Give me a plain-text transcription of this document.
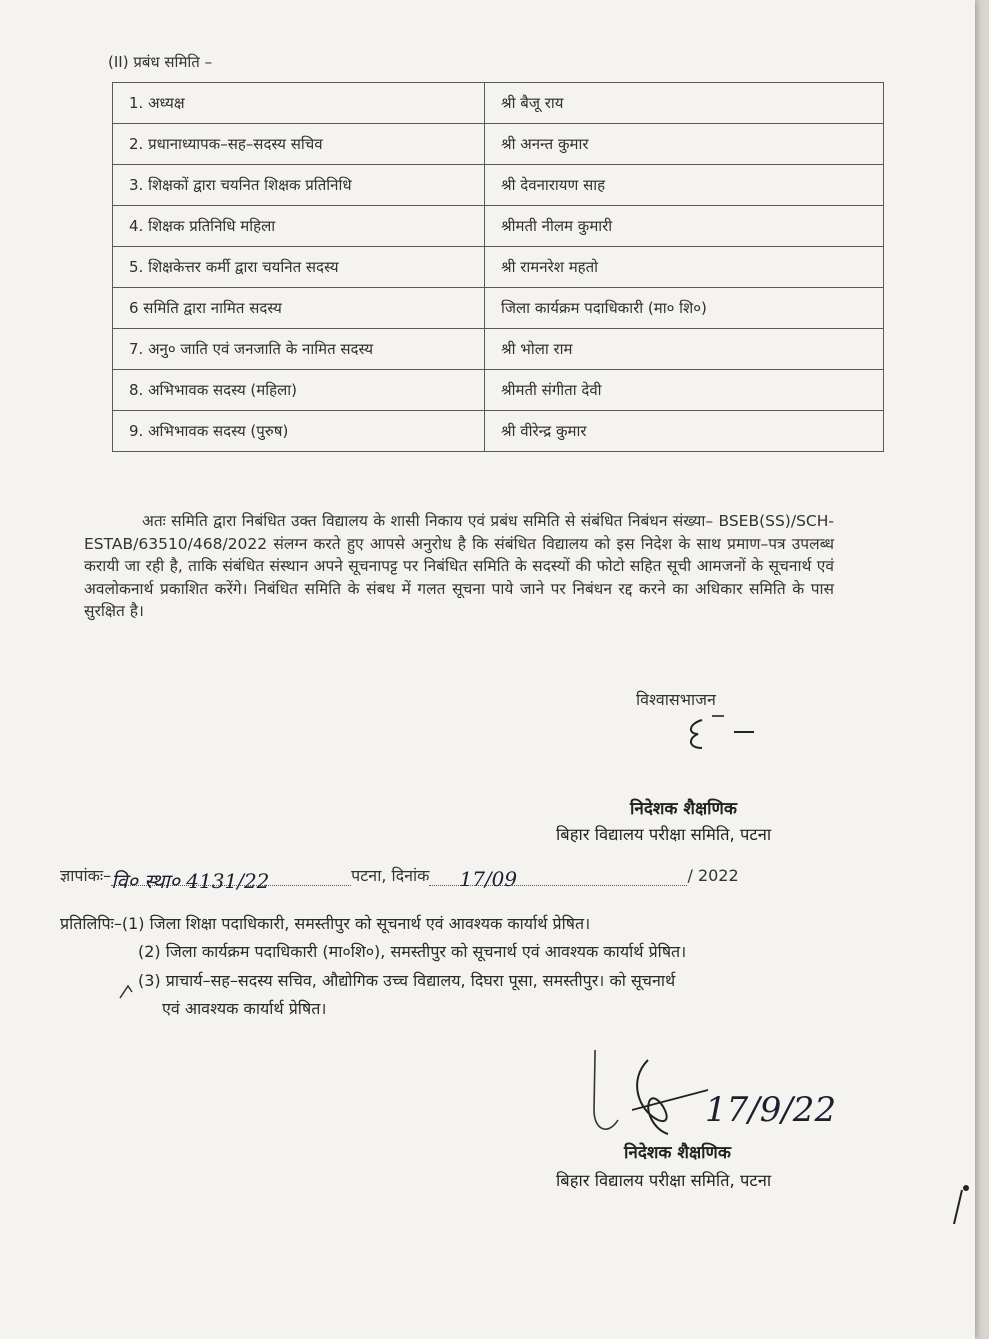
(II) प्रबंध समिति –
1. अध्यक्ष	श्री बैजू राय
2. प्रधानाध्यापक–सह–सदस्य सचिव	श्री अनन्त कुमार
3. शिक्षकों द्वारा चयनित शिक्षक प्रतिनिधि	श्री देवनारायण साह
4. शिक्षक प्रतिनिधि महिला	श्रीमती नीलम कुमारी
5. शिक्षकेत्तर कर्मी द्वारा चयनित सदस्य	श्री रामनरेश महतो
6 समिति द्वारा नामित सदस्य	जिला कार्यक्रम पदाधिकारी (मा० शि०)
7. अनु० जाति एवं जनजाति के नामित सदस्य	श्री भोला राम
8. अभिभावक सदस्य (महिला)	श्रीमती संगीता देवी
9. अभिभावक सदस्य (पुरुष)	श्री वीरेन्द्र कुमार
अतः समिति द्वारा निबंधित उक्त विद्यालय के शासी निकाय एवं प्रबंध समिति से संबंधित निबंधन संख्या– BSEB(SS)/SCH-ESTAB/63510/468/2022 संलग्न करते हुए आपसे अनुरोध है कि संबंधित विद्यालय को इस निदेश के साथ प्रमाण–पत्र उपलब्ध करायी जा रही है, ताकि संबंधित संस्थान अपने सूचनापट्ट पर निबंधित समिति के सदस्यों की फोटो सहित सूची आमजनों के सूचनार्थ एवं अवलोकनार्थ प्रकाशित करेंगे। निबंधित समिति के संबध में गलत सूचना पाये जाने पर निबंधन रद्द करने का अधिकार समिति के पास सुरक्षित है।
विश्वासभाजन
निदेशक शैक्षणिक
बिहार विद्यालय परीक्षा समिति, पटना
ज्ञापांकः–वि० स्था० 4131/22	पटना, दिनांक 17/09	/ 2022
प्रतिलिपिः–(1) जिला शिक्षा पदाधिकारी, समस्तीपुर को सूचनार्थ एवं आवश्यक कार्यार्थ प्रेषित।
(2) जिला कार्यक्रम पदाधिकारी (मा०शि०), समस्तीपुर को सूचनार्थ एवं आवश्यक कार्यार्थ प्रेषित।
(3) प्राचार्य–सह–सदस्य सचिव, औद्योगिक उच्च विद्यालय, दिघरा पूसा, समस्तीपुर। को सूचनार्थ
एवं आवश्यक कार्यार्थ प्रेषित।
17/9/22
निदेशक शैक्षणिक
बिहार विद्यालय परीक्षा समिति, पटना
